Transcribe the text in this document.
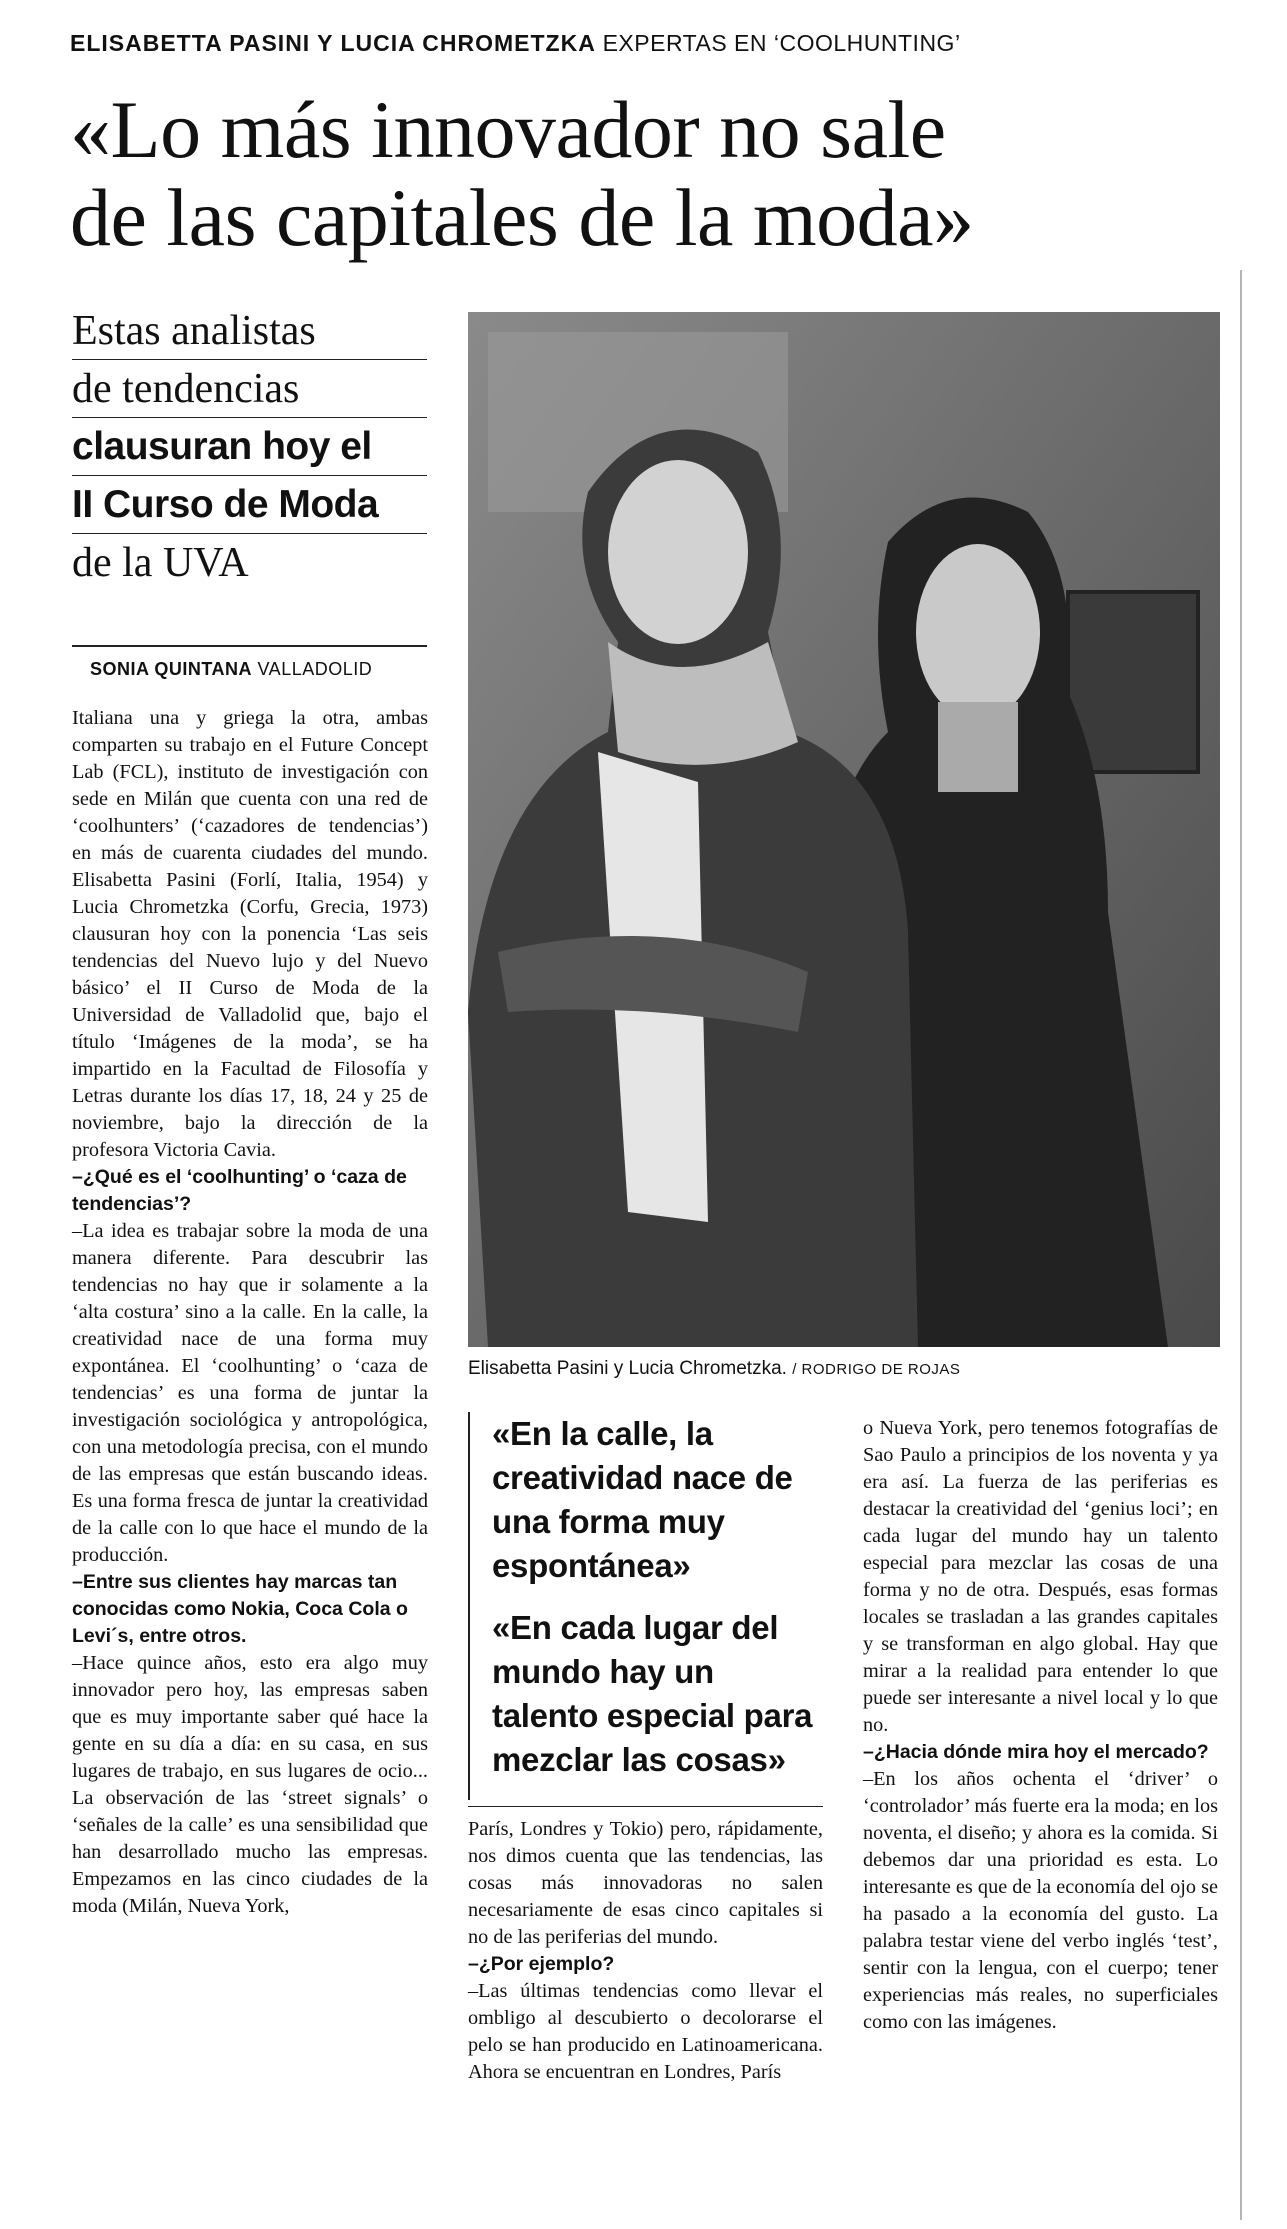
ELISABETTA PASINI Y LUCIA CHROMETZKA EXPERTAS EN ‘COOLHUNTING’
«Lo más innovador no sale
de las capitales de la moda»
Estas analistas
de tendencias
clausuran hoy el
II Curso de Moda
de la UVA
SONIA QUINTANA VALLADOLID

Italiana una y griega la otra, ambas comparten su trabajo en el Future Concept Lab (FCL), instituto de investigación con sede en Milán que cuenta con una red de ‘coolhunters’ (‘cazadores de tendencias’) en más de cuarenta ciudades del mundo. Elisabetta Pasini (Forlí, Italia, 1954) y Lucia Chrometzka (Corfu, Grecia, 1973) clausuran hoy con la ponencia ‘Las seis tendencias del Nuevo lujo y del Nuevo básico’ el II Curso de Moda de la Universidad de Valladolid que, bajo el título ‘Imágenes de la moda’, se ha impartido en la Facultad de Filosofía y Letras durante los días 17, 18, 24 y 25 de noviembre, bajo la dirección de la profesora Victoria Cavia.

–¿Qué es el ‘coolhunting’ o ‘caza de tendencias’?

–La idea es trabajar sobre la moda de una manera diferente. Para descubrir las tendencias no hay que ir solamente a la ‘alta costura’ sino a la calle. En la calle, la creatividad nace de una forma muy expontánea. El ‘coolhunting’ o ‘caza de tendencias’ es una forma de juntar la investigación sociológica y antropológica, con una metodología precisa, con el mundo de las empresas que están buscando ideas. Es una forma fresca de juntar la creatividad de la calle con lo que hace el mundo de la producción.

–Entre sus clientes hay marcas tan conocidas como Nokia, Coca Cola o Levi´s, entre otros.

–Hace quince años, esto era algo muy innovador pero hoy, las empresas saben que es muy importante saber qué hace la gente en su día a día: en su casa, en sus lugares de trabajo, en sus lugares de ocio... La observación de las ‘street signals’ o ‘señales de la calle’ es una sensibilidad que han desarrollado mucho las empresas. Empezamos en las cinco ciudades de la moda (Milán, Nueva York,

Elisabetta Pasini y Lucia Chrometzka. / RODRIGO DE ROJAS

«En la calle, la creatividad nace de una forma muy espontánea»

«En cada lugar del mundo hay un talento especial para mezclar las cosas»

París, Londres y Tokio) pero, rápidamente, nos dimos cuenta que las tendencias, las cosas más innovadoras no salen necesariamente de esas cinco capitales si no de las periferias del mundo.

–¿Por ejemplo?

–Las últimas tendencias como llevar el ombligo al descubierto o decolorarse el pelo se han producido en Latinoamericana. Ahora se encuentran en Londres, París

o Nueva York, pero tenemos fotografías de Sao Paulo a principios de los noventa y ya era así. La fuerza de las periferias es destacar la creatividad del ‘genius loci’; en cada lugar del mundo hay un talento especial para mezclar las cosas de una forma y no de otra. Después, esas formas locales se trasladan a las grandes capitales y se transforman en algo global. Hay que mirar a la realidad para entender lo que puede ser interesante a nivel local y lo que no.

–¿Hacia dónde mira hoy el mercado?

–En los años ochenta el ‘driver’ o ‘controlador’ más fuerte era la moda; en los noventa, el diseño; y ahora es la comida. Si debemos dar una prioridad es esta. Lo interesante es que de la economía del ojo se ha pasado a la economía del gusto. La palabra testar viene del verbo inglés ‘test’, sentir con la lengua, con el cuerpo; tener experiencias más reales, no superficiales como con las imágenes.
